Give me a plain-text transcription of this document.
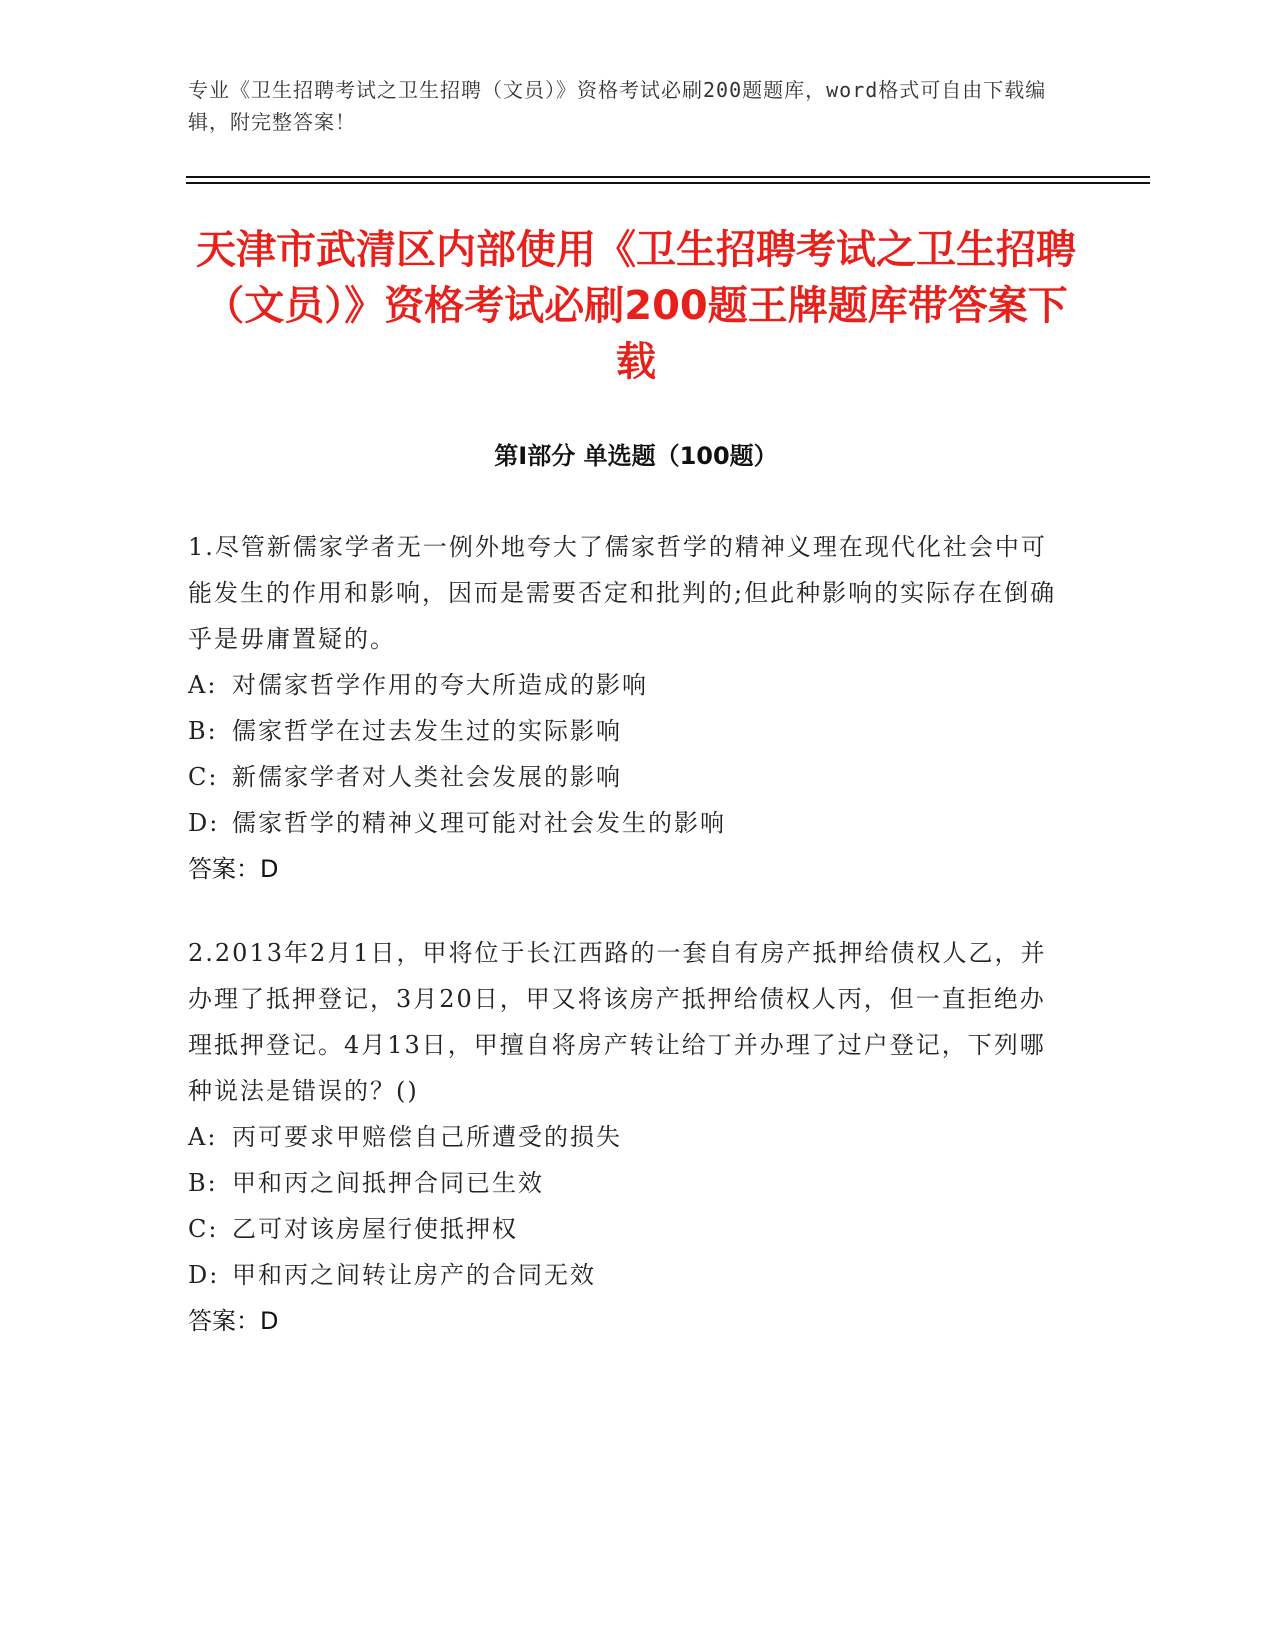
专业《卫生招聘考试之卫生招聘（文员）》资格考试必刷200题题库，word格式可自由下载编辑，附完整答案！
天津市武清区内部使用《卫生招聘考试之卫生招聘（文员）》资格考试必刷200题王牌题库带答案下载
第Ⅰ部分 单选题（100题）
1.尽管新儒家学者无一例外地夸大了儒家哲学的精神义理在现代化社会中可能发生的作用和影响，因而是需要否定和批判的;但此种影响的实际存在倒确乎是毋庸置疑的。
A: 对儒家哲学作用的夸大所造成的影响
B: 儒家哲学在过去发生过的实际影响
C: 新儒家学者对人类社会发展的影响
D: 儒家哲学的精神义理可能对社会发生的影响
答案：D
2.2013年2月1日，甲将位于长江西路的一套自有房产抵押给债权人乙，并办理了抵押登记，3月20日，甲又将该房产抵押给债权人丙，但一直拒绝办理抵押登记。4月13日，甲擅自将房产转让给丁并办理了过户登记，下列哪种说法是错误的？()
A: 丙可要求甲赔偿自己所遭受的损失
B: 甲和丙之间抵押合同已生效
C: 乙可对该房屋行使抵押权
D: 甲和丙之间转让房产的合同无效
答案：D
